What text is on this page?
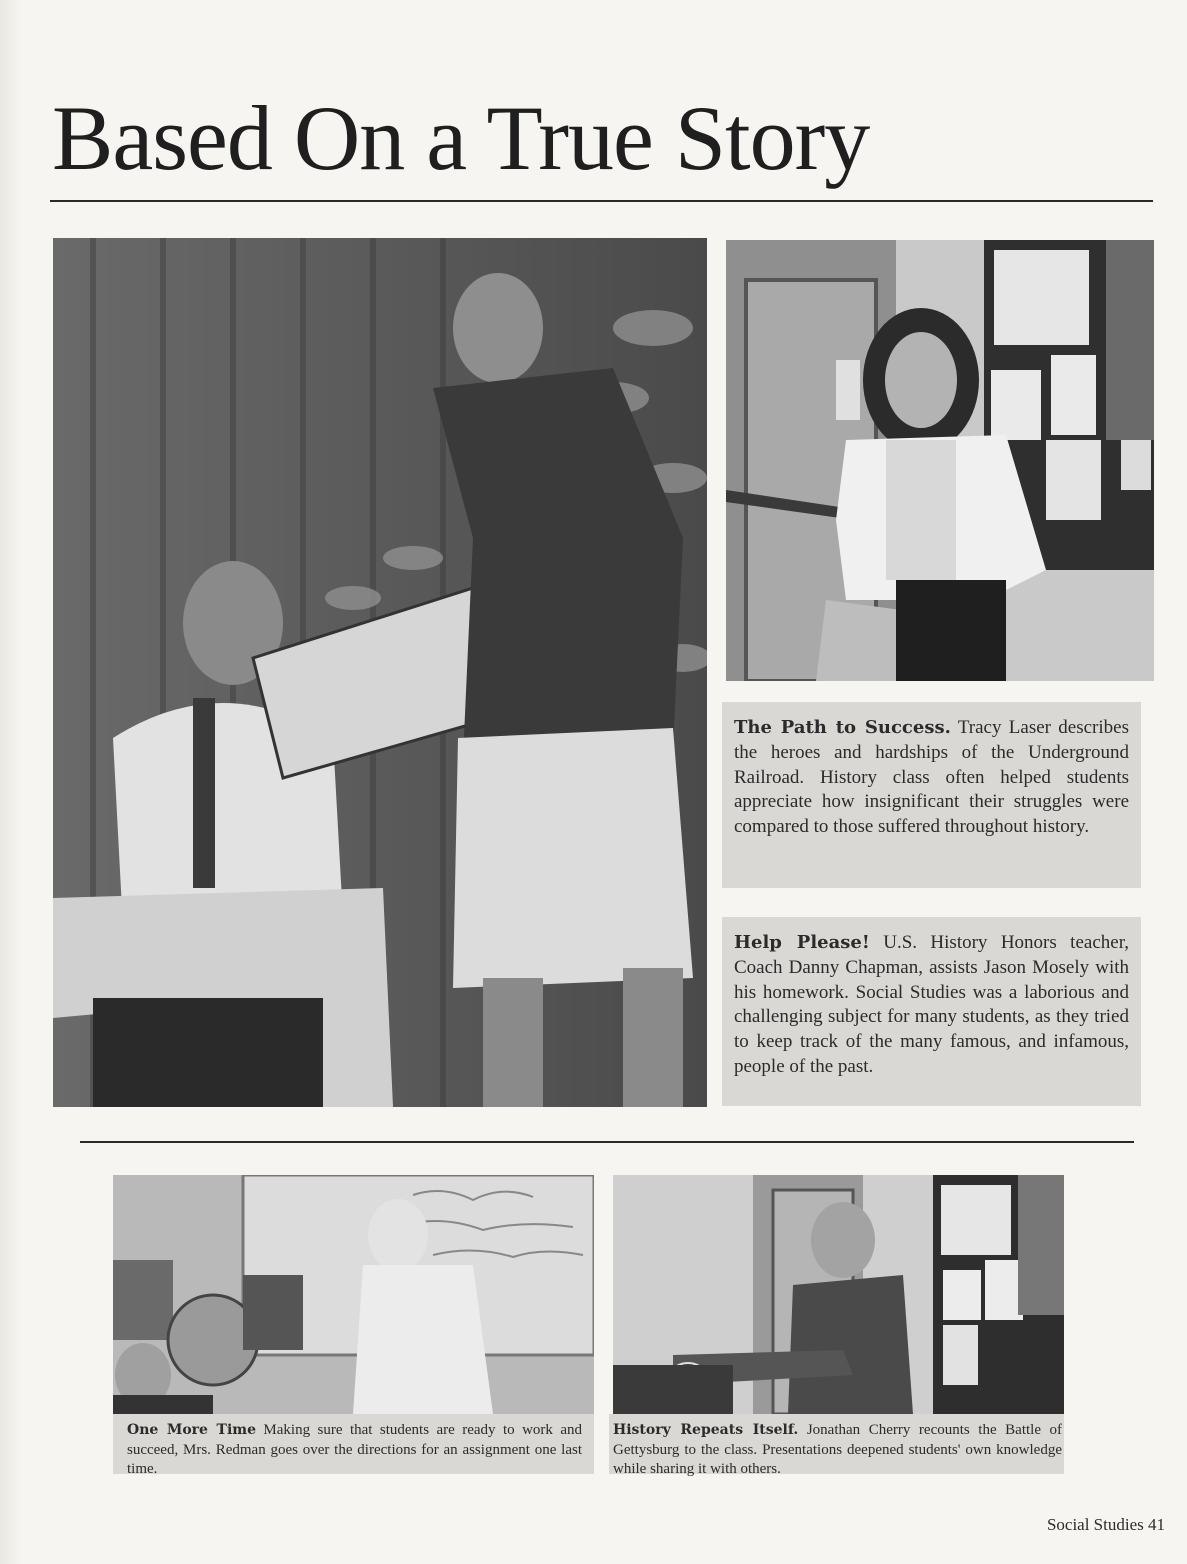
Based On a True Story
The Path to Success. Tracy Laser describes the heroes and hardships of the Underground Railroad. History class often helped students appreciate how insignificant their struggles were compared to those suffered throughout history.
Help Please! U.S. History Honors teacher, Coach Danny Chapman, assists Jason Mosely with his homework. Social Studies was a laborious and challenging subject for many students, as they tried to keep track of the many famous, and infamous, people of the past.
One More Time Making sure that students are ready to work and succeed, Mrs. Redman goes over the directions for an assignment one last time.
History Repeats Itself. Jonathan Cherry recounts the Battle of Gettysburg to the class. Presentations deepened students' own knowledge while sharing it with others.
Social Studies 41
